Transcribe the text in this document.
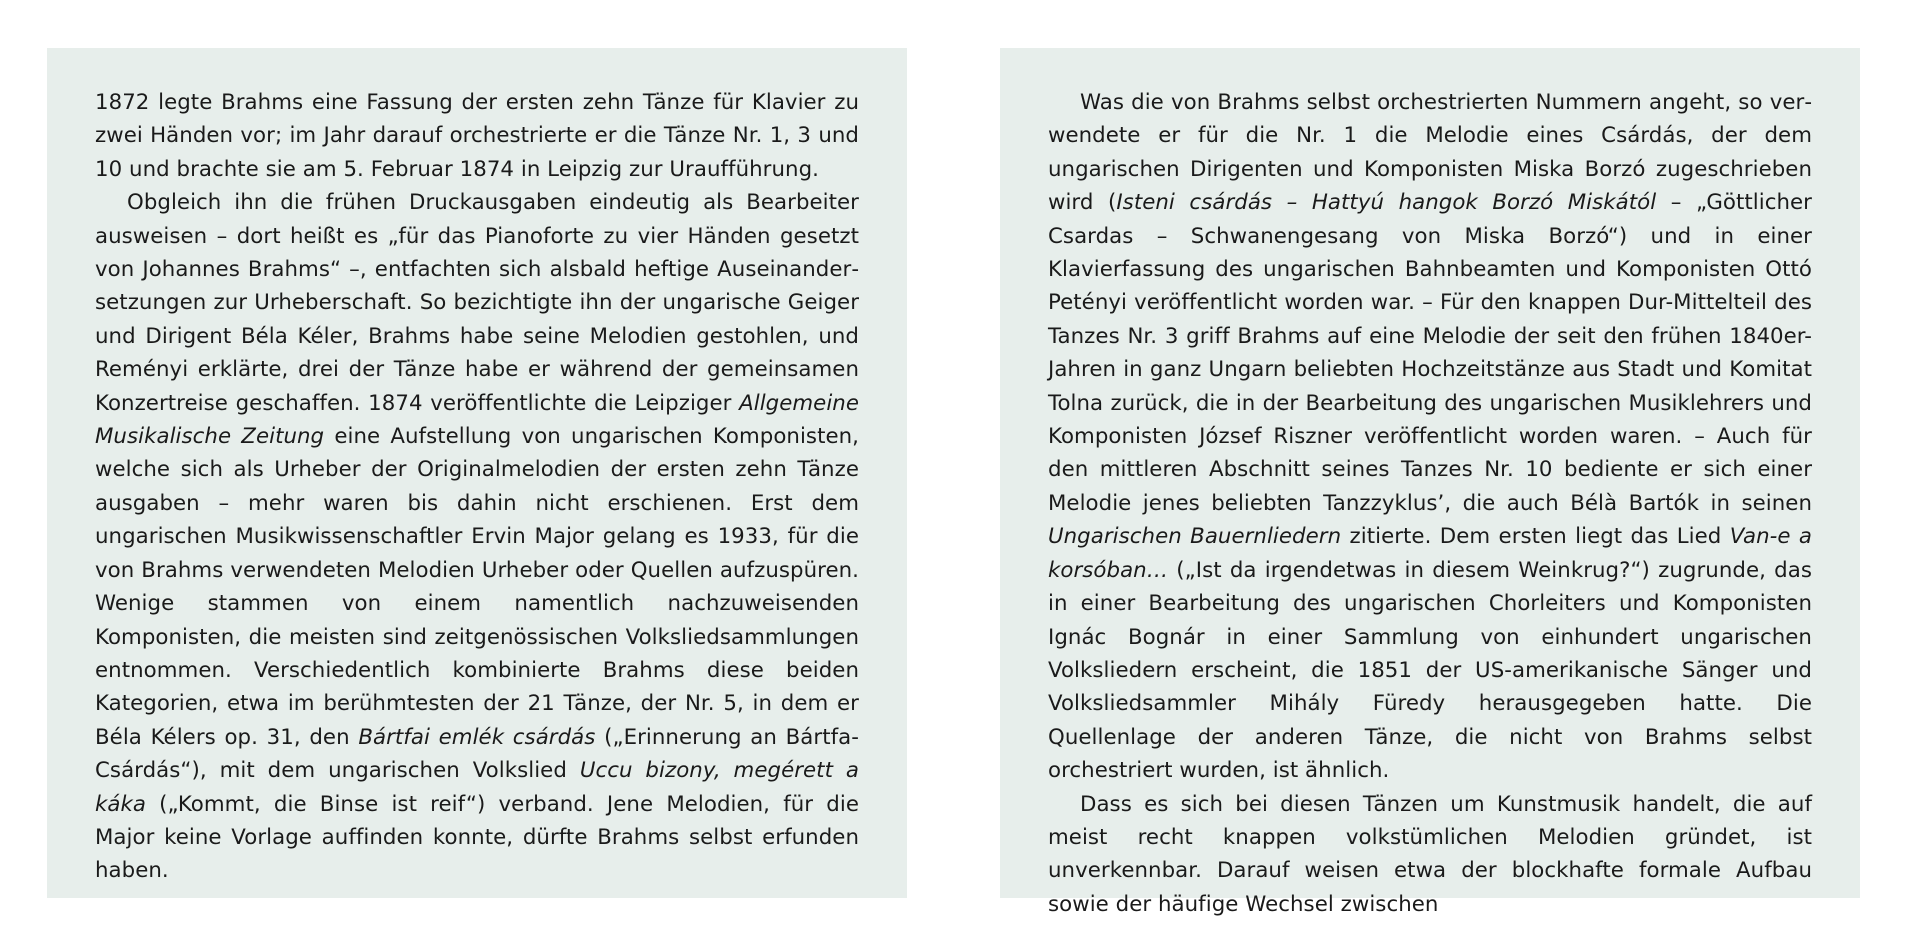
1872 legte Brahms eine Fassung der ersten zehn Tänze für Klavier zu zwei Händen vor; im Jahr darauf orchestrierte er die Tänze Nr. 1, 3 und 10 und brachte sie am 5. Februar 1874 in Leipzig zur Uraufführung.

Obgleich ihn die frühen Druckausgaben eindeutig als Bearbeiter ausweisen – dort heißt es „für das Pianoforte zu vier Händen gesetzt von Johannes Brahms“ –, entfachten sich alsbald heftige Auseinandersetzungen zur Urheberschaft. So bezichtigte ihn der ungarische Geiger und Dirigent Béla Kéler, Brahms habe seine Melodien gestohlen, und Reményi erklärte, drei der Tänze habe er während der gemeinsamen Konzertreise geschaffen. 1874 veröffentlichte die Leipziger Allgemeine Musikalische Zeitung eine Aufstellung von ungarischen Komponisten, welche sich als Urheber der Originalmelodien der ersten zehn Tänze ausgaben – mehr waren bis dahin nicht erschienen. Erst dem ungarischen Musikwissenschaftler Ervin Major gelang es 1933, für die von Brahms verwendeten Melodien Urheber oder Quellen aufzuspüren. Wenige stammen von einem namentlich nachzuweisenden Komponisten, die meisten sind zeitgenössischen Volksliedsammlungen entnommen. Verschiedentlich kombinierte Brahms diese beiden Kategorien, etwa im berühmtesten der 21 Tänze, der Nr. 5, in dem er Béla Kélers op. 31, den Bártfai emlék csárdás („Erinnerung an Bártfa-Csárdás“), mit dem ungarischen Volkslied Uccu bizony, megérett a káka („Kommt, die Binse ist reif“) verband. Jene Melodien, für die Major keine Vorlage auffinden konnte, dürfte Brahms selbst erfunden haben.

Was die von Brahms selbst orchestrierten Nummern angeht, so verwendete er für die Nr. 1 die Melodie eines Csárdás, der dem ungarischen Dirigenten und Komponisten Miska Borzó zugeschrieben wird (Isteni csárdás – Hattyú hangok Borzó Miskától – „Göttlicher Csardas – Schwanengesang von Miska Borzó“) und in einer Klavierfassung des ungarischen Bahnbeamten und Komponisten Ottó Petényi veröffentlicht worden war. – Für den knappen Dur-Mittelteil des Tanzes Nr. 3 griff Brahms auf eine Melodie der seit den frühen 1840er-Jahren in ganz Ungarn beliebten Hochzeitstänze aus Stadt und Komitat Tolna zurück, die in der Bearbeitung des ungarischen Musiklehrers und Komponisten József Riszner veröffentlicht worden waren. – Auch für den mittleren Abschnitt seines Tanzes Nr. 10 bediente er sich einer Melodie jenes beliebten Tanzzyklus’, die auch Bélà Bartók in seinen Ungarischen Bauernliedern zitierte. Dem ersten liegt das Lied Van-e a korsóban… („Ist da irgendetwas in diesem Weinkrug?“) zugrunde, das in einer Bearbeitung des ungarischen Chorleiters und Komponisten Ignác Bognár in einer Sammlung von einhundert ungarischen Volksliedern erscheint, die 1851 der US-amerikanische Sänger und Volksliedsammler Mihály Füredy herausgegeben hatte. Die Quellenlage der anderen Tänze, die nicht von Brahms selbst orchestriert wurden, ist ähnlich.

Dass es sich bei diesen Tänzen um Kunstmusik handelt, die auf meist recht knappen volkstümlichen Melodien gründet, ist unverkennbar. Darauf weisen etwa der blockhafte formale Aufbau sowie der häufige Wechsel zwischen
